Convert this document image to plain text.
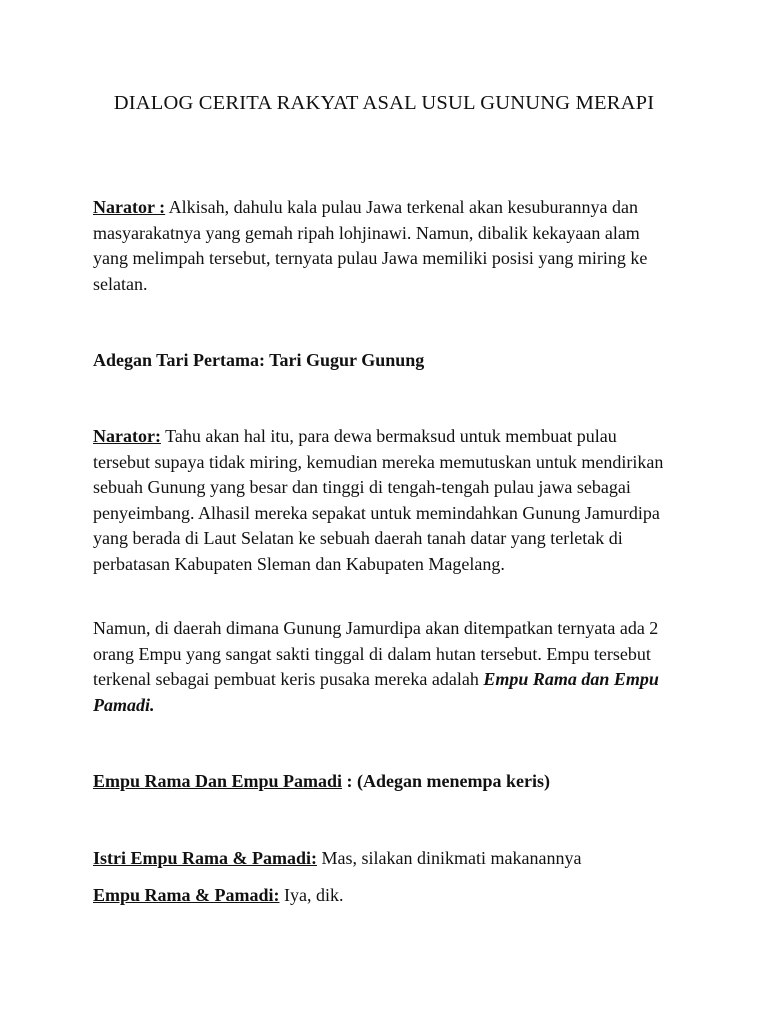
DIALOG CERITA RAKYAT ASAL USUL GUNUNG MERAPI

Narator : Alkisah, dahulu kala pulau Jawa terkenal akan kesuburannya dan masyarakatnya yang gemah ripah lohjinawi. Namun, dibalik kekayaan alam yang melimpah tersebut, ternyata pulau Jawa memiliki posisi yang miring ke selatan.

Adegan Tari Pertama: Tari Gugur Gunung

Narator: Tahu akan hal itu, para dewa bermaksud untuk membuat pulau tersebut supaya tidak miring, kemudian mereka memutuskan untuk mendirikan sebuah Gunung yang besar dan tinggi di tengah-tengah pulau jawa sebagai penyeimbang. Alhasil mereka sepakat untuk memindahkan Gunung Jamurdipa yang berada di Laut Selatan ke sebuah daerah tanah datar yang terletak di perbatasan Kabupaten Sleman dan Kabupaten Magelang.

Namun, di daerah dimana Gunung Jamurdipa akan ditempatkan ternyata ada 2 orang Empu yang sangat sakti tinggal di dalam hutan tersebut. Empu tersebut terkenal sebagai pembuat keris pusaka mereka adalah Empu Rama dan Empu Pamadi.

Empu Rama Dan Empu Pamadi : (Adegan menempa keris)

Istri Empu Rama & Pamadi: Mas, silakan dinikmati makanannya

Empu Rama & Pamadi: Iya, dik.
